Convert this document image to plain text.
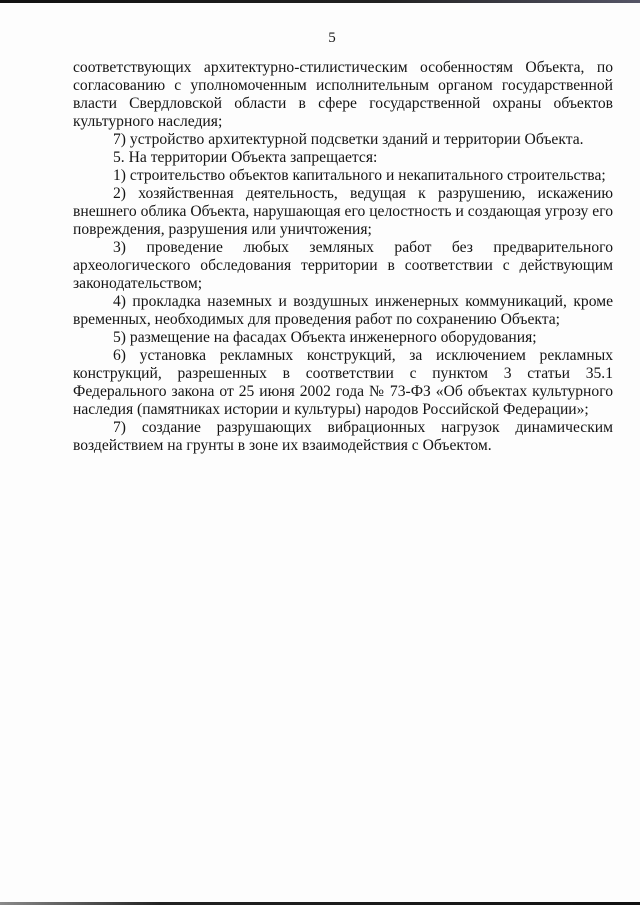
5

соответствующих архитектурно-стилистическим особенностям Объекта, по согласованию с уполномоченным исполнительным органом государственной власти Свердловской области в сфере государственной охраны объектов культурного наследия;

7) устройство архитектурной подсветки зданий и территории Объекта.

5. На территории Объекта запрещается:

1) строительство объектов капитального и некапитального строительства;

2) хозяйственная деятельность, ведущая к разрушению, искажению внешнего облика Объекта, нарушающая его целостность и создающая угрозу его повреждения, разрушения или уничтожения;

3) проведение любых земляных работ без предварительного археологического обследования территории в соответствии с действующим законодательством;

4) прокладка наземных и воздушных инженерных коммуникаций, кроме временных, необходимых для проведения работ по сохранению Объекта;

5) размещение на фасадах Объекта инженерного оборудования;

6) установка рекламных конструкций, за исключением рекламных конструкций, разрешенных в соответствии с пунктом 3 статьи 35.1 Федерального закона от 25 июня 2002 года № 73-ФЗ «Об объектах культурного наследия (памятниках истории и культуры) народов Российской Федерации»;

7) создание разрушающих вибрационных нагрузок динамическим воздействием на грунты в зоне их взаимодействия с Объектом.
